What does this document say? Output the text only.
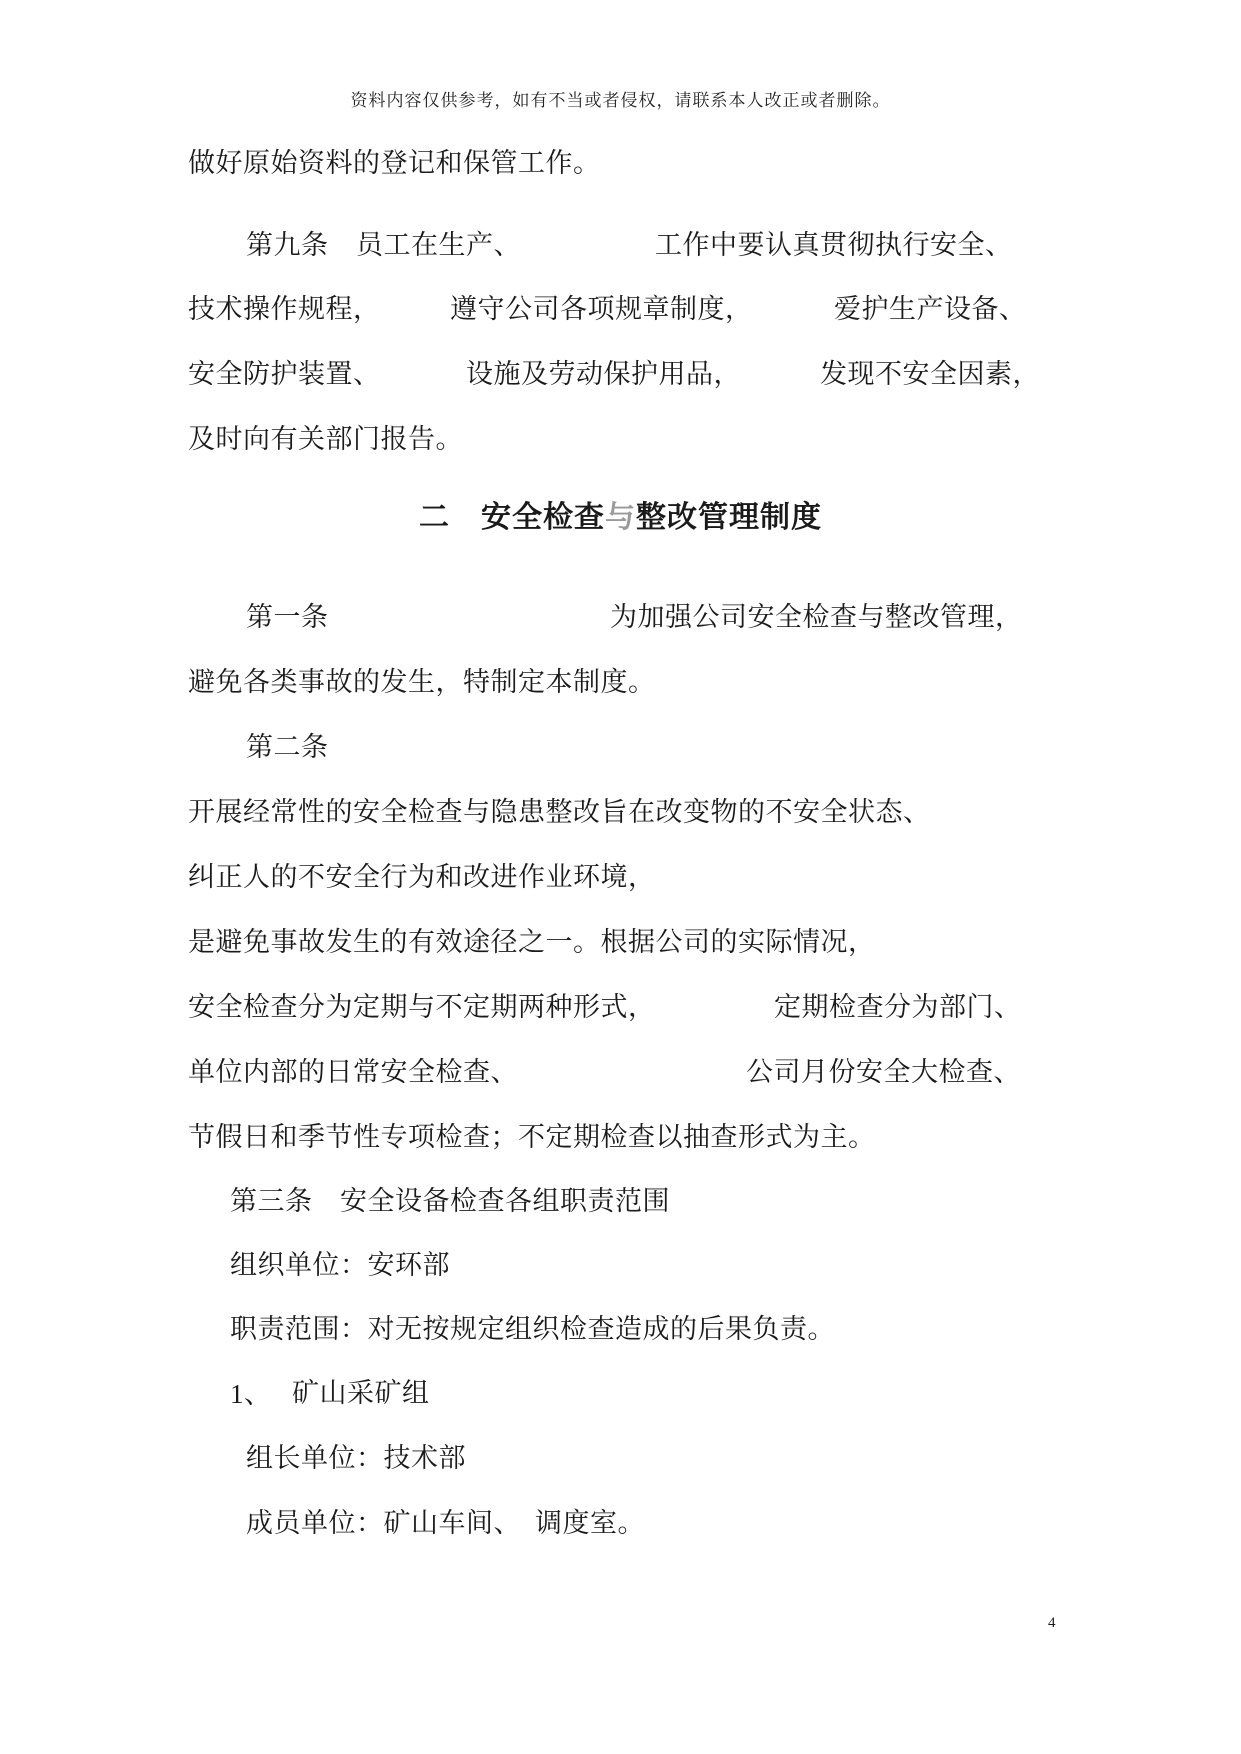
资料内容仅供参考，如有不当或者侵权，请联系本人改正或者删除。
做好原始资料的登记和保管工作。
第九条　员工在生产、	工作中要认真贯彻执行安全、
技术操作规程，	遵守公司各项规章制度，	爱护生产设备、
安全防护装置、	设施及劳动保护用品，	发现不安全因素，
及时向有关部门报告。
二　安全检查与整改管理制度
第一条	为加强公司安全检查与整改管理，
避免各类事故的发生，特制定本制度。
第二条
开展经常性的安全检查与隐患整改旨在改变物的不安全状态、
纠正人的不安全行为和改进作业环境，
是避免事故发生的有效途径之一。根据公司的实际情况，
安全检查分为定期与不定期两种形式，	定期检查分为部门、
单位内部的日常安全检查、	公司月份安全大检查、
节假日和季节性专项检查；不定期检查以抽查形式为主。
第三条　安全设备检查各组职责范围
组织单位：安环部
职责范围：对无按规定组织检查造成的后果负责。
1、 矿山采矿组
组长单位：技术部
成员单位：矿山车间、　调度室。
4
